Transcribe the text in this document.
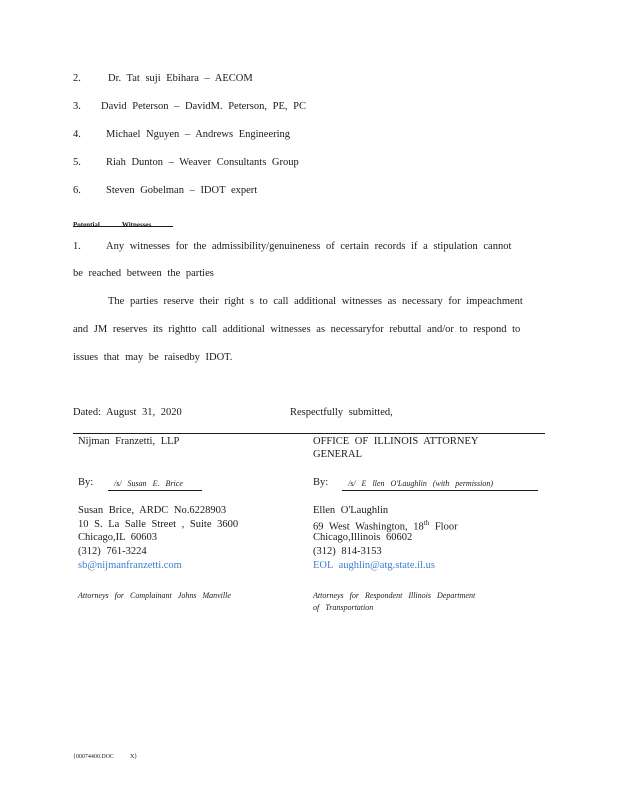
2.	Dr. Tat suji Ebihara – AECOM
3. David Peterson – DavidM. Peterson, PE, PC
4. Michael Nguyen – Andrews Engineering
5. Riah Dunton – Weaver Consultants Group
6. Steven Gobelman – IDOT expert
Potential	Witnesses
1. Any witnesses for the admissibility/genuineness of certain records if a stipulation cannot
be reached between the parties
The parties reserve their right s to call additional witnesses as necessary for impeachment
and JM reserves its rightto call additional witnesses as necessaryfor rebuttal and/or to respond to
issues that may be raisedby IDOT.
Dated: August 31, 2020	Respectfully submitted,
Nijman Franzetti, LLP
By:	/s/ Susan E. Brice
Susan Brice, ARDC No.6228903
10 S. La Salle Street , Suite 3600
Chicago,IL 60603
(312) 761-3224
sb@nijmanfranzetti.com
Attorneys for Complainant Johns Manville
OFFICE OF ILLINOIS ATTORNEY
GENERAL
By: /s/ E llen O'Laughlin (with permission)
Ellen O'Laughlin
69 West Washington, 18th Floor
Chicago,Illinois 60602
(312) 814-3153
EOL aughlin@atg.state.il.us
Attorneys for Respondent Illinois Department
of Transportation
{00074400.DOC	X}
